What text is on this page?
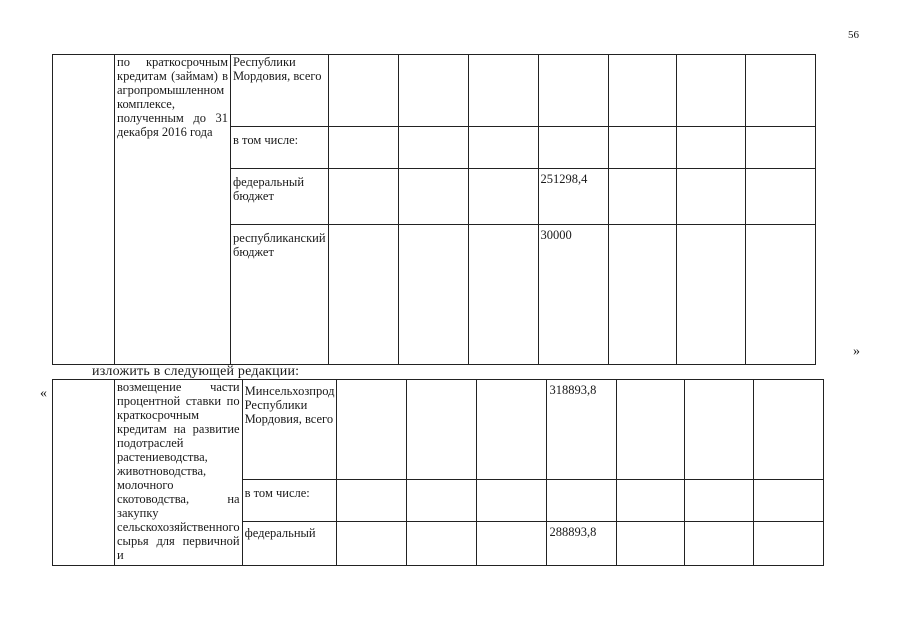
56
	по краткосрочным кредитам (займам) в агропромышленном комплексе, полученным до 31 декабря 2016 года	Республики Мордовия, всего							
		в том числе:							
		федеральный бюджет				251298,4			
		республиканский бюджет				30000			
»
изложить в следующей редакции:
«
		возмещение части процентной ставки по краткосрочным кредитам на развитие подотраслей растениеводства, животноводства, молочного скотоводства, на закупку сельскохозяйственного сырья для первичной и	Минсельхозпрод Республики Мордовия, всего				318893,8			
		в том числе:							
		федеральный				288893,8			
